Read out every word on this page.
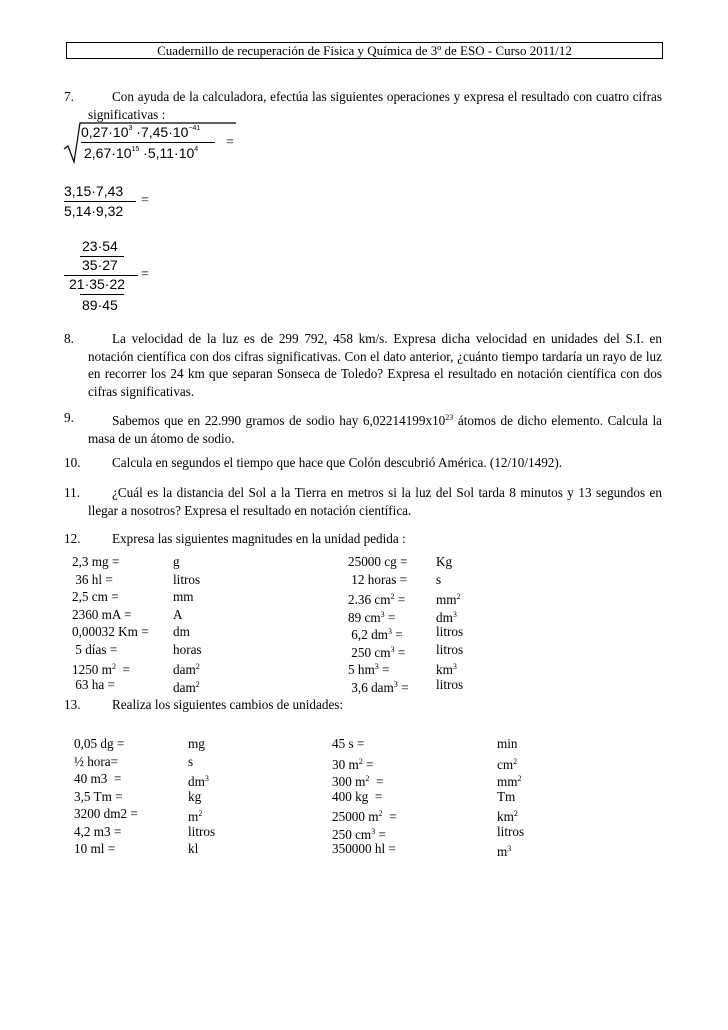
Cuadernillo de recuperación de Física y Química de 3º de ESO - Curso 2011/12
7.	Con ayuda de la calculadora, efectúa las siguientes operaciones y expresa el resultado con cuatro cifras significativas :
$0,27\cdot 10^3 \cdot 7,45\cdot 10^{-41}$
$2,67\cdot 10^{15} \cdot 5,11\cdot 10^4$ =
3,15·7,43
5,14·9,32
=
23·54
35·27
21·35·22
89·45
=
8.	La velocidad de la luz es de 299 792, 458 km/s. Expresa dicha velocidad en unidades del S.I. en notación científica con dos cifras significativas. Con el dato anterior, ¿cuánto tiempo tardaría un rayo de luz en recorrer los 24 km que separan Sonseca de Toledo? Expresa el resultado en notación científica con dos cifras significativas.
9.	Sabemos que en 22.990 gramos de sodio hay $6,02214199x10^{23}$ átomos de dicho elemento. Calcula la masa de un átomo de sodio.
10.	Calcula en segundos el tiempo que hace que Colón descubrió América. (12/10/1492).
11.	¿Cuál es la distancia del Sol a la Tierra en metros si la luz del Sol tarda 8 minutos y 13 segundos en llegar a nosotros? Expresa el resultado en notación científica.
12.	Expresa las siguientes magnitudes en la unidad pedida :
2,3 mg =	g	25000 cg = Kg
36 hl =	litros	12 horas = s
2,5 cm =	mm	2.36 $cm^2 = mm^2$
2360 mA =	A	89 $cm^3$ =	$dm^3$
0,00032 Km = dm	6,2 $dm^3$ =	litros
5 días =	horas	250 $cm^3$ = litros
1250 $m^2$  =	dam$^2$	5 $hm^3$ =	$km^3$
63 ha =	dam$^2$	3,6 dam$^3$ = litros
13.	Realiza los siguientes cambios de unidades:
0,05 dg =	mg	45 s =	min
½ hora=	s	30 $m^2$ =	$cm^2$
40 m3  =	$dm^3$	300 $m^2$  =	$mm^2$
3,5 Tm =	kg	400 kg  =	Tm
3200 dm2 =	$m^2$	25000 $m^2$  =	$km^2$
4,2 m3 =	litros	250 $cm^3$ =	litros
10 ml =	kl	350000 hl =	$m^3$
